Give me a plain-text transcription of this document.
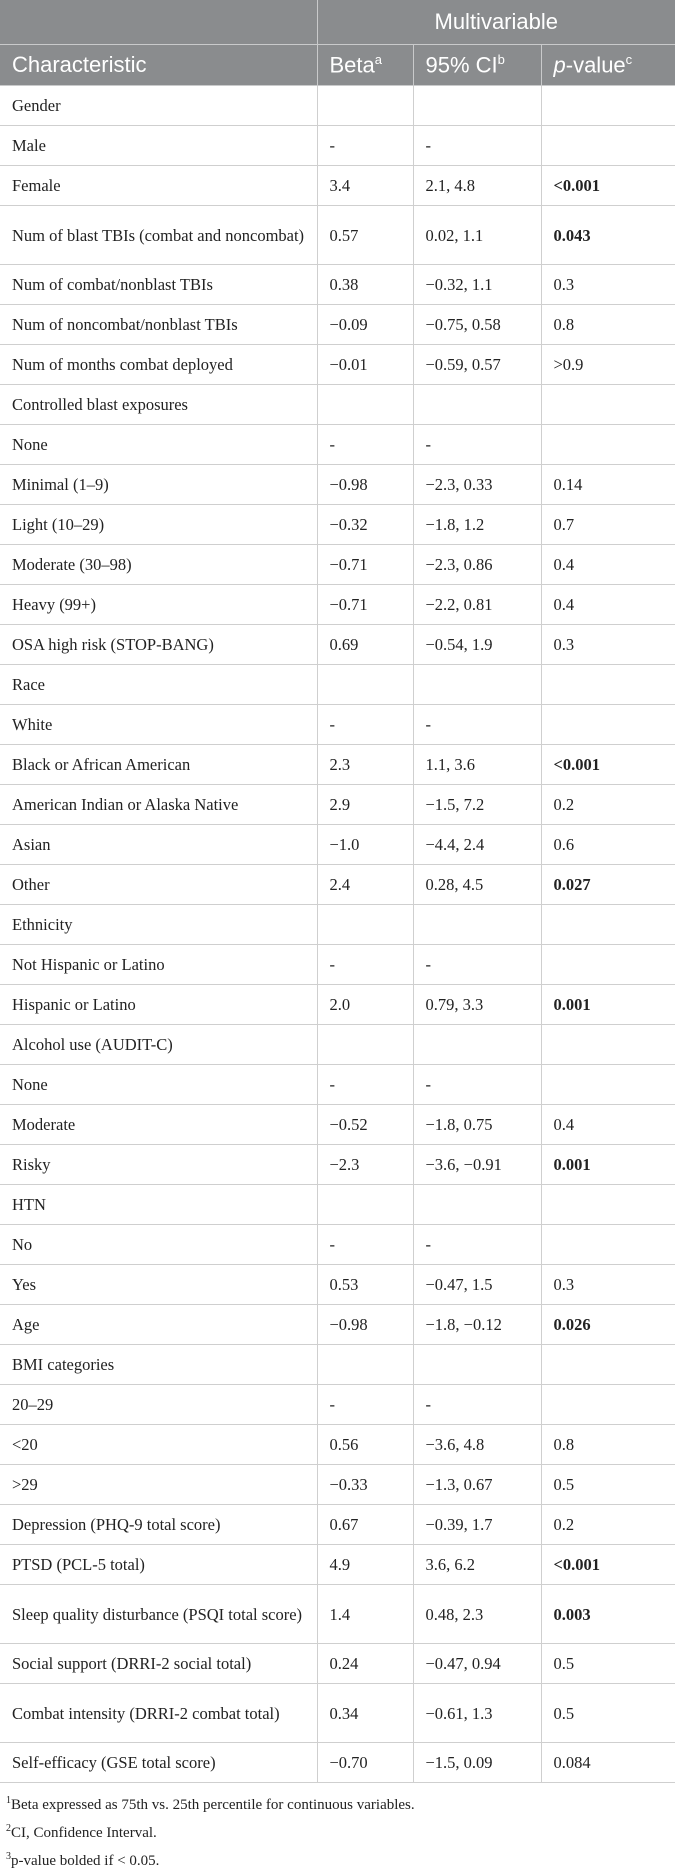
	Multivariable		
Characteristic	Beta$^a$	95% $CI^b$	p-value$^c$
Gender			
Male	-	-	
Female	3.4	2.1, 4.8	<0.001
Num of blast TBIs (combat and noncombat)	0.57	0.02, 1.1	0.043
Num of combat/nonblast TBIs	0.38	−0.32, 1.1	0.3
Num of noncombat/nonblast TBIs	−0.09	−0.75, 0.58	0.8
Num of months combat deployed	−0.01	−0.59, 0.57	>0.9
Controlled blast exposures			
None	-	-	
Minimal (1–9)	−0.98	−2.3, 0.33	0.14
Light (10–29)	−0.32	−1.8, 1.2	0.7
Moderate (30–98)	−0.71	−2.3, 0.86	0.4
Heavy (99+)	−0.71	−2.2, 0.81	0.4
OSA high risk (STOP-BANG)	0.69	−0.54, 1.9	0.3
Race			
White	-	-	
Black or African American	2.3	1.1, 3.6	<0.001
American Indian or Alaska Native	2.9	−1.5, 7.2	0.2
Asian	−1.0	−4.4, 2.4	0.6
Other	2.4	0.28, 4.5	0.027
Ethnicity			
Not Hispanic or Latino	-	-	
Hispanic or Latino	2.0	0.79, 3.3	0.001
Alcohol use (AUDIT-C)			
None	-	-	
Moderate	−0.52	−1.8, 0.75	0.4
Risky	−2.3	−3.6, −0.91	0.001
HTN			
No	-	-	
Yes	0.53	−0.47, 1.5	0.3
Age	−0.98	−1.8, −0.12	0.026
BMI categories			
20–29	-	-	
<20	0.56	−3.6, 4.8	0.8
>29	−0.33	−1.3, 0.67	0.5
Depression (PHQ-9 total score)	0.67	−0.39, 1.7	0.2
PTSD (PCL-5 total)	4.9	3.6, 6.2	<0.001
Sleep quality disturbance (PSQI total score)	1.4	0.48, 2.3	0.003
Social support (DRRI-2 social total)	0.24	−0.47, 0.94	0.5
Combat intensity (DRRI-2 combat total)	0.34	−0.61, 1.3	0.5
Self-efficacy (GSE total score)	−0.70	−1.5, 0.09	0.084
$^1$Beta expressed as 75th vs. 25th percentile for continuous variables.
$^2$CI, Confidence Interval.
$^3$p-value bolded if < 0.05.
